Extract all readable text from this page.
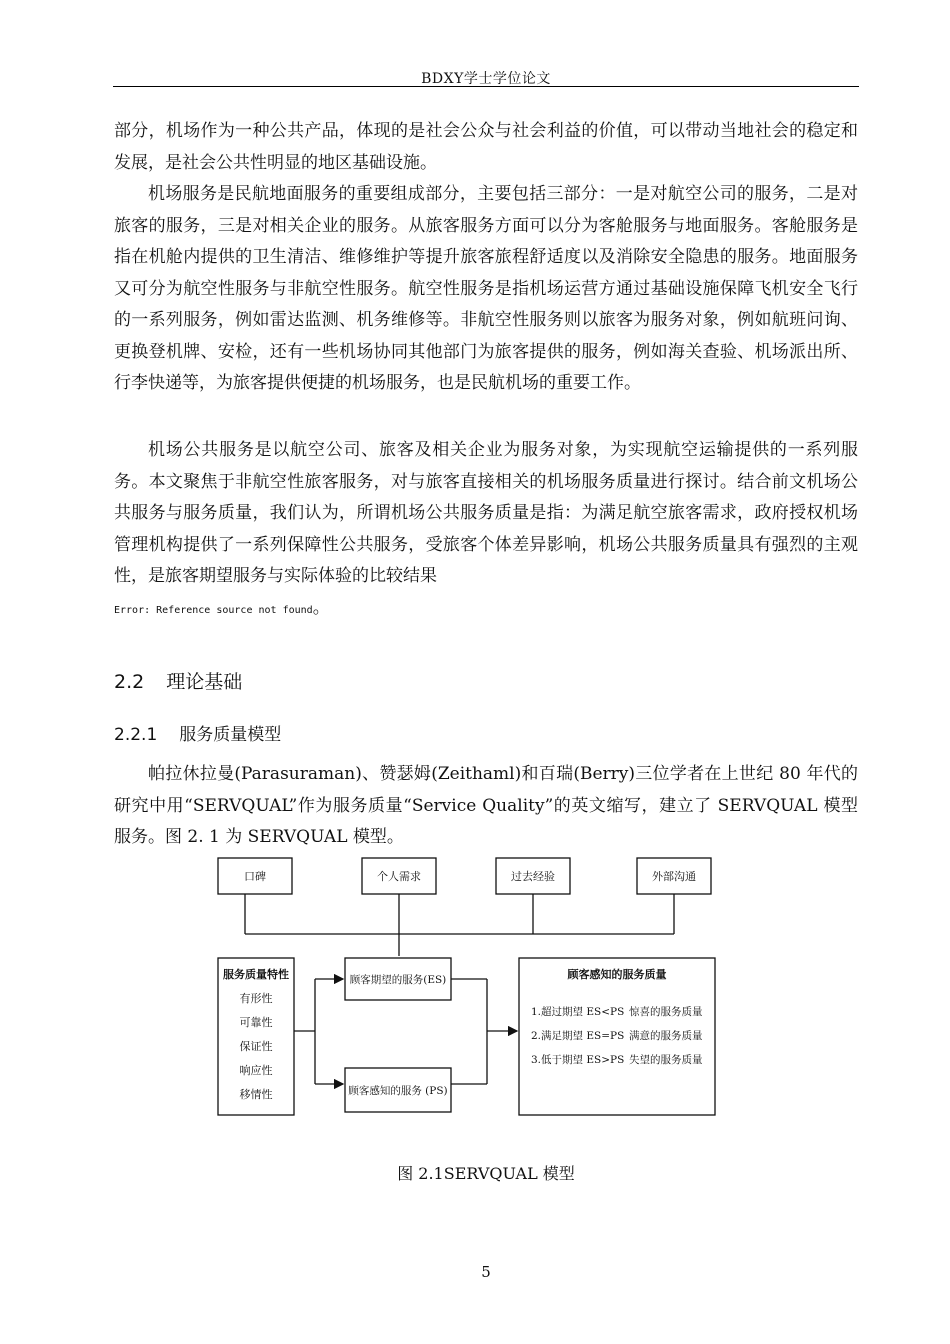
BDXY学士学位论文

部分，机场作为一种公共产品，体现的是社会公众与社会利益的价值，可以带动当地社会的稳定和发展，是社会公共性明显的地区基础设施。

机场服务是民航地面服务的重要组成部分，主要包括三部分：一是对航空公司的服务，二是对旅客的服务，三是对相关企业的服务。从旅客服务方面可以分为客舱服务与地面服务。客舱服务是指在机舱内提供的卫生清洁、维修维护等提升旅客旅程舒适度以及消除安全隐患的服务。地面服务又可分为航空性服务与非航空性服务。航空性服务是指机场运营方通过基础设施保障飞机安全飞行的一系列服务，例如雷达监测、机务维修等。非航空性服务则以旅客为服务对象，例如航班问询、更换登机牌、安检，还有一些机场协同其他部门为旅客提供的服务，例如海关查验、机场派出所、行李快递等，为旅客提供便捷的机场服务，也是民航机场的重要工作。

机场公共服务是以航空公司、旅客及相关企业为服务对象，为实现航空运输提供的一系列服务。本文聚焦于非航空性旅客服务，对与旅客直接相关的机场服务质量进行探讨。结合前文机场公共服务与服务质量，我们认为，所谓机场公共服务质量是指：为满足航空旅客需求，政府授权机场管理机构提供了一系列保障性公共服务，受旅客个体差异影响，机场公共服务质量具有强烈的主观性，是旅客期望服务与实际体验的比较结果
Error: Reference source not found。

2.2 理论基础
2.2.1 服务质量模型

帕拉休拉曼(Parasuraman)、赞瑟姆(Zeithaml)和百瑞(Berry)三位学者在上世纪 80 年代的研究中用“SERVQUAL”作为服务质量“Service Quality”的英文缩写，建立了 SERVQUAL 模型服务。图 2. 1 为 SERVQUAL 模型。

口碑	个人需求	过去经验	外部沟通
服务质量特性
有形性
可靠性
保证性
响应性
移情性
顾客期望的服务(ES)
顾客感知的服务 (PS)
顾客感知的服务质量
1.超过期望 ES<PS 惊喜的服务质量
2.满足期望 ES=PS 满意的服务质量
3.低于期望 ES>PS 失望的服务质量
图 2.1SERVQUAL 模型
5
